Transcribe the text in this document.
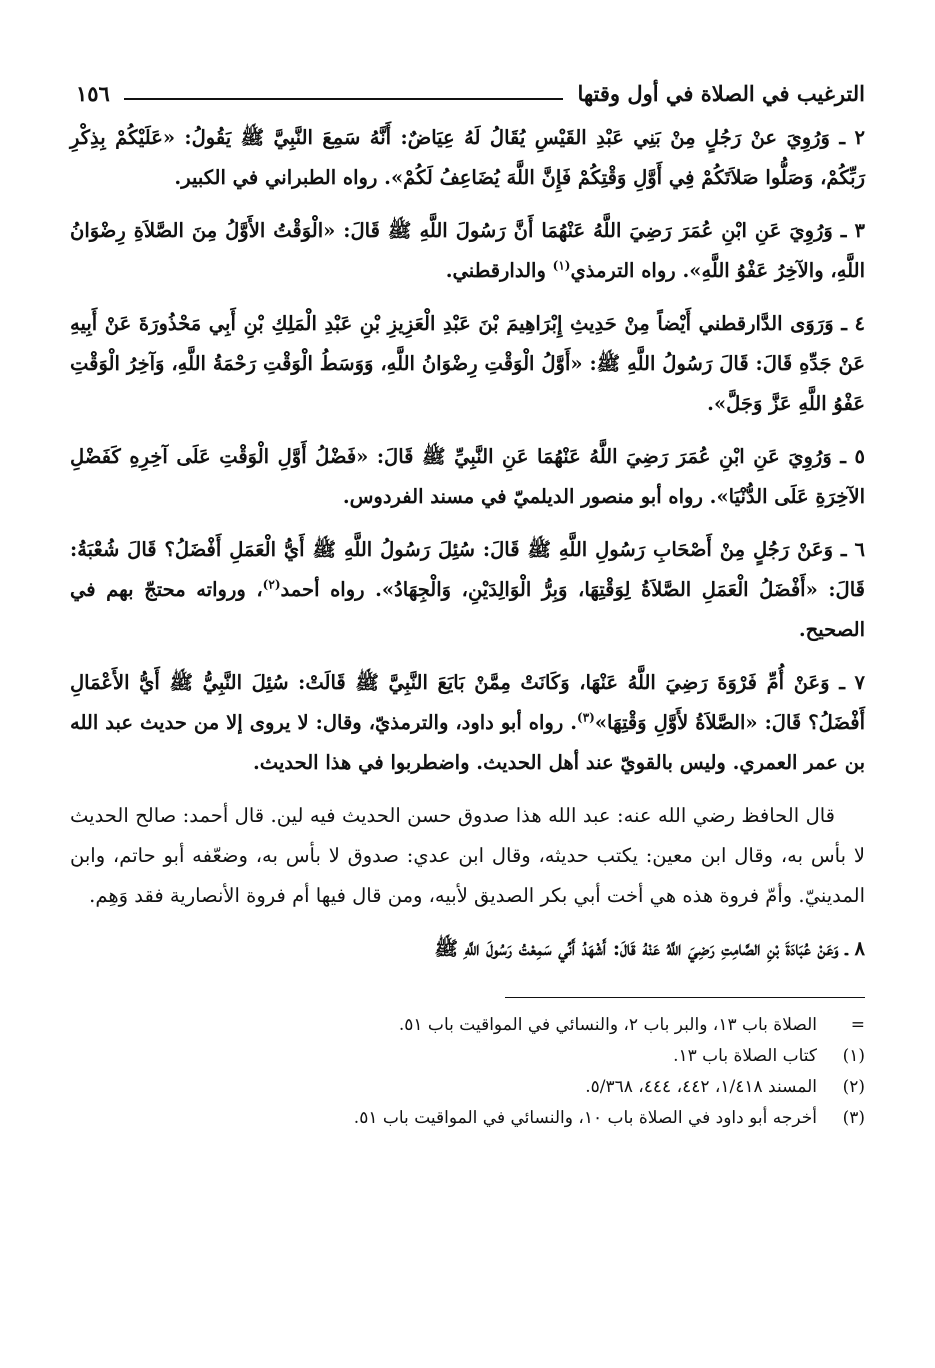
الترغيب في الصلاة في أول وقتها
١٥٦

٢ ـ وَرُوِيَ عنْ رَجُلٍ مِنْ بَنِي عَبْدِ القَيْسِ يُقَالُ لَهُ عِيَاضٌ: أَنَّهُ سَمِعَ النَّبِيَّ ﷺ يَقُولُ: «عَلَيْكُمْ بِذِكْرِ رَبِّكُمْ، وَصَلُّوا صَلاَتَكُمْ فِي أَوَّلِ وَقْتِكُمْ فَإِنَّ اللَّهَ يُضَاعِفُ لَكُمْ». رواه الطبراني في الكبير.

٣ ـ وَرُوِيَ عَنِ ابْنِ عُمَرَ رَضِيَ اللَّهُ عَنْهُمَا أَنَّ رَسُولَ اللَّهِ ﷺ قَالَ: «الْوَقْتُ الأَوَّلُ مِنَ الصَّلاَةِ رِضْوَانُ اللَّهِ، والآخِرُ عَفْوُ اللَّهِ». رواه الترمذي$^{(١)}$ والدارقطني.

٤ ـ وَرَوَى الدَّارقطني أَيْضاً مِنْ حَدِيثِ إِبْرَاهِيمَ بْنَ عَبْدِ الْعَزِيزِ بْنِ عَبْدِ الْمَلِكِ بْنِ أَبِي مَحْذُورَةَ عَنْ أَبِيهِ عَنْ جَدِّهِ قَالَ: قَالَ رَسُولُ اللَّهِ ﷺ: «أَوَّلُ الْوَقْتِ رِضْوَانُ اللَّهِ، وَوَسَطُ الْوَقْتِ رَحْمَةُ اللَّهِ، وَآخِرُ الْوَقْتِ عَفْوُ اللَّهِ عَزَّ وَجَلَّ».

٥ ـ وَرُوِيَ عَنِ ابْنِ عُمَرَ رَضِيَ اللَّهُ عَنْهُمَا عَنِ النَّبِيِّ ﷺ قَالَ: «فَضْلُ أَوَّلِ الْوَقْتِ عَلَى آخِرِهِ كَفَضْلِ الآخِرَةِ عَلَى الدُّنْيَا». رواه أبو منصور الديلميّ في مسند الفردوس.

٦ ـ وَعَنْ رَجُلٍ مِنْ أَصْحَابِ رَسُولِ اللَّهِ ﷺ قَالَ: سُئِلَ رَسُولُ اللَّهِ ﷺ أَيُّ الْعَمَلِ أَفْضَلُ؟ قَالَ شُعْبَةُ: قَالَ: «أَفْضَلُ الْعَمَلِ الصَّلاَةُ لِوَقْتِهَا، وَبِرُّ الْوَالِدَيْنِ، وَالْجِهَادُ». رواه أحمد$^{(٢)}$، ورواته محتجّ بهم في الصحيح.

٧ ـ وَعَنْ أُمِّ فَرْوَةَ رَضِيَ اللَّهُ عَنْهَا، وَكَانَتْ مِمَّنْ بَايَعَ النَّبِيَّ ﷺ قَالَتْ: سُئِلَ النَّبِيُّ ﷺ أَيُّ الأَعْمَالِ أَفْضَلُ؟ قَالَ: «الصَّلاَةُ لأَوَّلِ وَقْتِهَا»$^{(٣)}$. رواه أبو داود، والترمذيّ، وقال: لا يروى إلا من حديث عبد الله بن عمر العمري. وليس بالقويّ عند أهل الحديث. واضطربوا في هذا الحديث.

قال الحافظ رضي الله عنه: عبد الله هذا صدوق حسن الحديث فيه لين. قال أحمد: صالح الحديث لا بأس به، وقال ابن معين: يكتب حديثه، وقال ابن عدي: صدوق لا بأس به، وضعّفه أبو حاتم، وابن المدينيّ. وأمّ فروة هذه هي أخت أبي بكر الصديق لأبيه، ومن قال فيها أم فروة الأنصارية فقد وَهِم.

٨ ـ وَعَنْ عُبَادَةَ بْنِ الصَّامِتِ رَضِيَ اللَّهُ عَنْهُ قَالَ: أَشْهَدُ أَنِّي سَمِعْتُ رَسُولَ اللَّهِ ﷺ

=
الصلاة باب ١٣، والبر باب ٢، والنسائي في المواقيت باب ٥١.
(١)
كتاب الصلاة باب ١٣.
(٢)
المسند ١/٤١٨، ٤٤٢، ٤٤٤، ٥/٣٦٨.
(٣)
أخرجه أبو داود في الصلاة باب ١٠، والنسائي في المواقيت باب ٥١.
